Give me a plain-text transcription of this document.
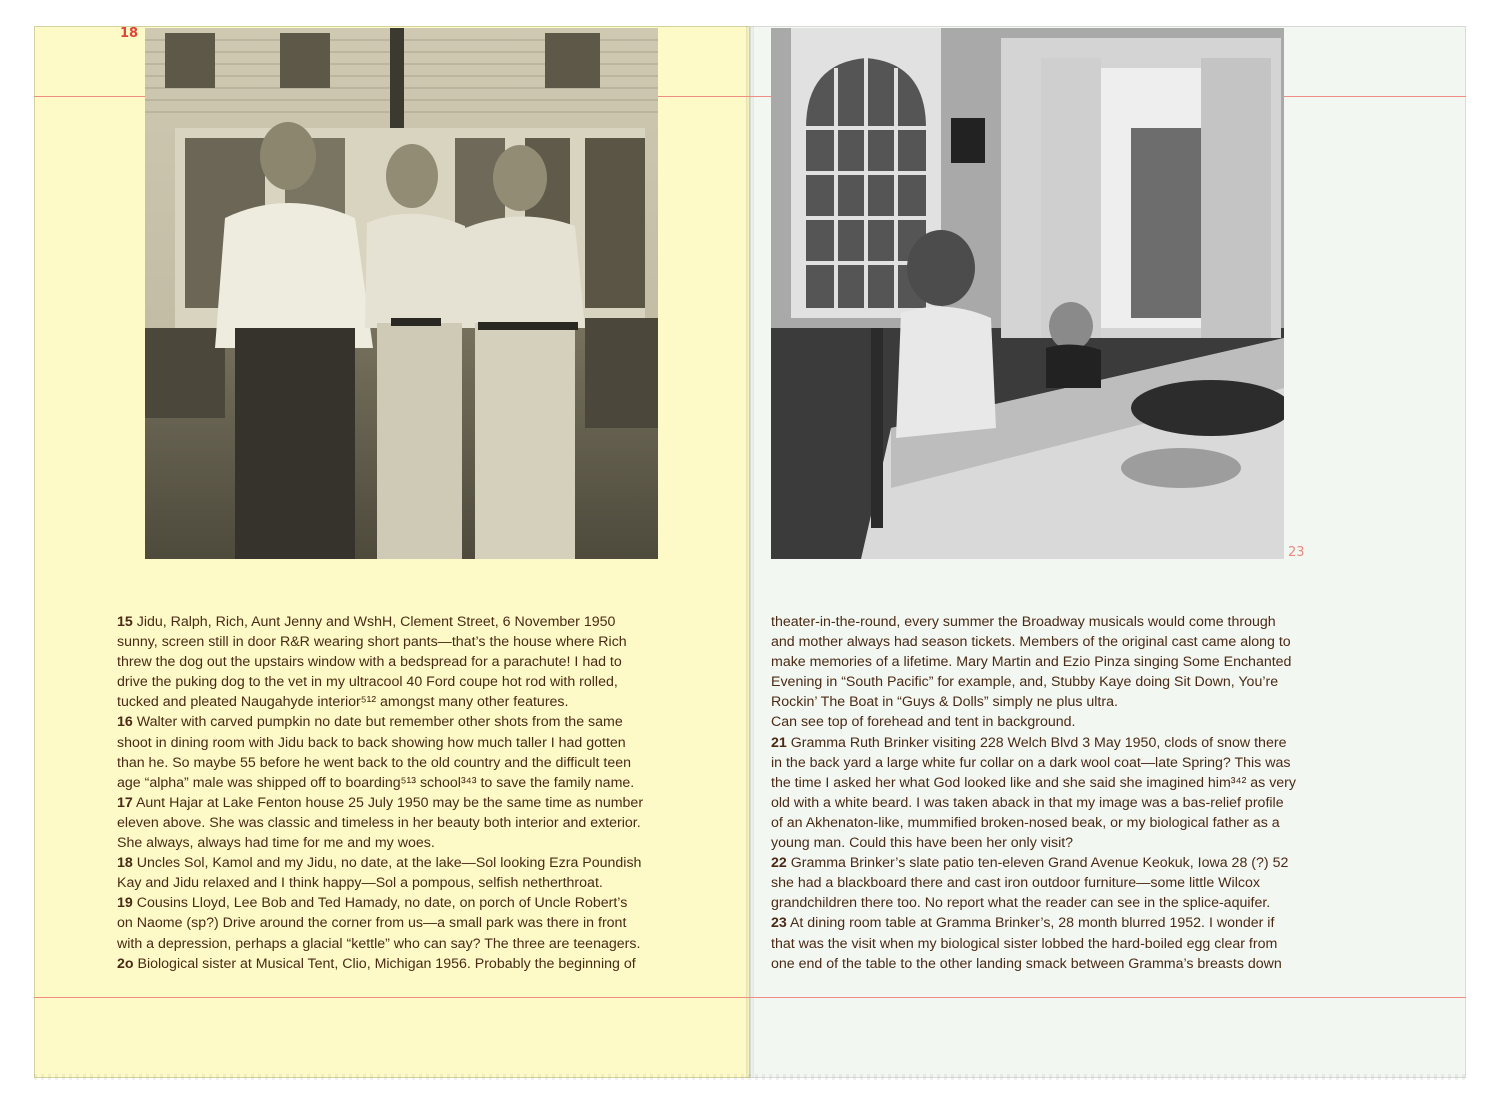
18
23
15 Jidu, Ralph, Rich, Aunt Jenny and WshH, Clement Street, 6 November 1950
sunny, screen still in door R&R wearing short pants—that’s the house where Rich
threw the dog out the upstairs window with a bedspread for a parachute! I had to
drive the puking dog to the vet in my ultracool 40 Ford coupe hot rod with rolled,
tucked and pleated Naugahyde interior⁵¹² amongst many other features.
16 Walter with carved pumpkin no date but remember other shots from the same
shoot in dining room with Jidu back to back showing how much taller I had gotten
than he. So maybe 55 before he went back to the old country and the difficult teen
age “alpha” male was shipped off to boarding⁵¹³ school³⁴³ to save the family name.
17 Aunt Hajar at Lake Fenton house 25 July 1950 may be the same time as number
eleven above. She was classic and timeless in her beauty both interior and exterior.
She always, always had time for me and my woes.
18 Uncles Sol, Kamol and my Jidu, no date, at the lake—Sol looking Ezra Poundish
Kay and Jidu relaxed and I think happy—Sol a pompous, selfish netherthroat.
19 Cousins Lloyd, Lee Bob and Ted Hamady, no date, on porch of Uncle Robert’s
on Naome (sp?) Drive around the corner from us—a small park was there in front
with a depression, perhaps a glacial “kettle” who can say? The three are teenagers.
2o Biological sister at Musical Tent, Clio, Michigan 1956. Probably the beginning of
theater-in-the-round, every summer the Broadway musicals would come through
and mother always had season tickets. Members of the original cast came along to
make memories of a lifetime. Mary Martin and Ezio Pinza singing Some Enchanted
Evening in “South Pacific” for example, and, Stubby Kaye doing Sit Down, You’re
Rockin’ The Boat in “Guys & Dolls” simply ne plus ultra.
Can see top of forehead and tent in background.
21 Gramma Ruth Brinker visiting 228 Welch Blvd 3 May 1950, clods of snow there
in the back yard a large white fur collar on a dark wool coat—late Spring? This was
the time I asked her what God looked like and she said she imagined him³⁴² as very
old with a white beard. I was taken aback in that my image was a bas-relief profile
of an Akhenaton-like, mummified broken-nosed beak, or my biological father as a
young man. Could this have been her only visit?
22 Gramma Brinker’s slate patio ten-eleven Grand Avenue Keokuk, Iowa 28 (?) 52
she had a blackboard there and cast iron outdoor furniture—some little Wilcox
grandchildren there too. No report what the reader can see in the splice-aquifer.
23 At dining room table at Gramma Brinker’s, 28 month blurred 1952. I wonder if
that was the visit when my biological sister lobbed the hard-boiled egg clear from
one end of the table to the other landing smack between Gramma’s breasts down
